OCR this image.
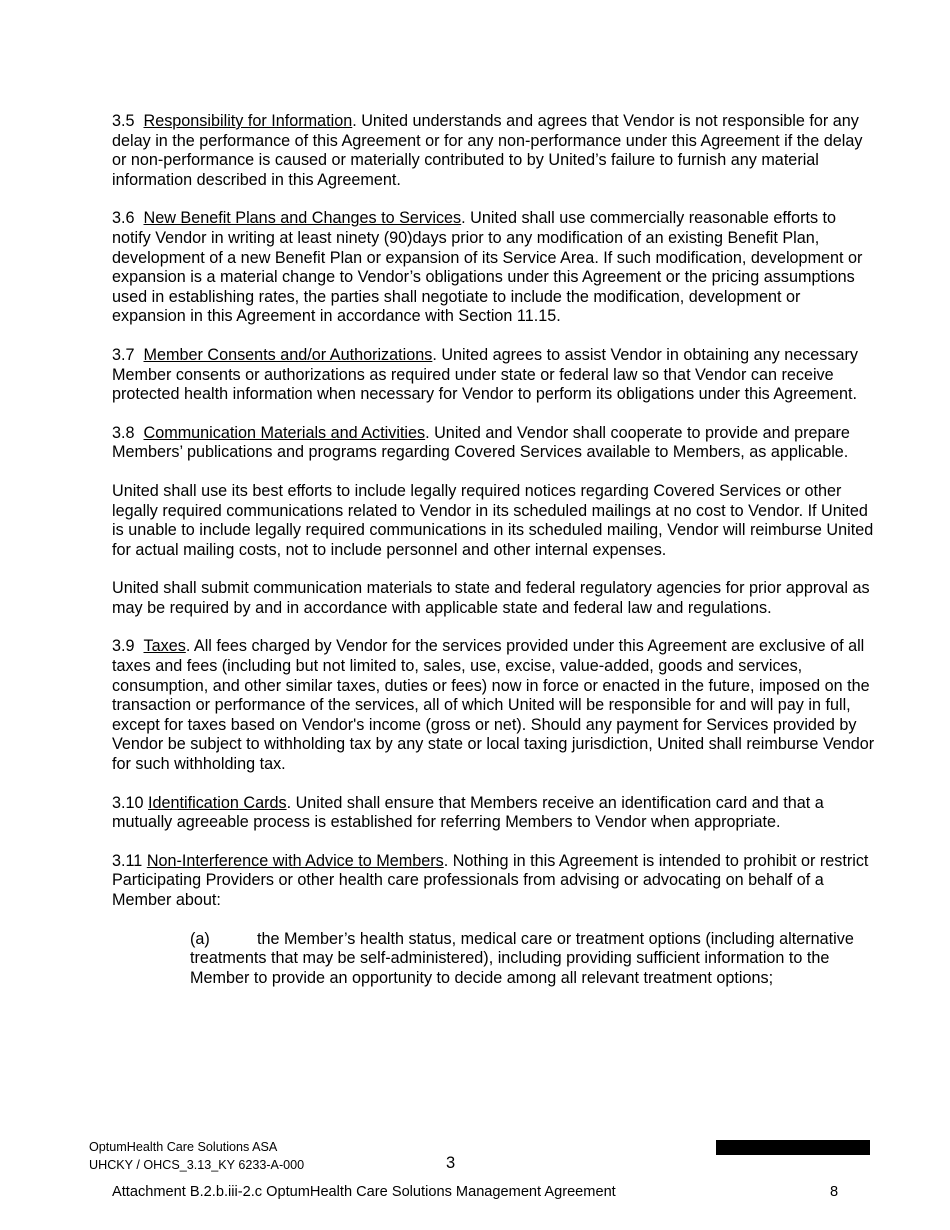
3.5 Responsibility for Information. United understands and agrees that Vendor is not responsible for any delay in the performance of this Agreement or for any non-performance under this Agreement if the delay or non-performance is caused or materially contributed to by United’s failure to furnish any material information described in this Agreement.

3.6 New Benefit Plans and Changes to Services. United shall use commercially reasonable efforts to notify Vendor in writing at least ninety (90)days prior to any modification of an existing Benefit Plan, development of a new Benefit Plan or expansion of its Service Area. If such modification, development or expansion is a material change to Vendor’s obligations under this Agreement or the pricing assumptions used in establishing rates, the parties shall negotiate to include the modification, development or expansion in this Agreement in accordance with Section 11.15.

3.7 Member Consents and/or Authorizations. United agrees to assist Vendor in obtaining any necessary Member consents or authorizations as required under state or federal law so that Vendor can receive protected health information when necessary for Vendor to perform its obligations under this Agreement.

3.8 Communication Materials and Activities. United and Vendor shall cooperate to provide and prepare Members’ publications and programs regarding Covered Services available to Members, as applicable.

United shall use its best efforts to include legally required notices regarding Covered Services or other legally required communications related to Vendor in its scheduled mailings at no cost to Vendor. If United is unable to include legally required communications in its scheduled mailing, Vendor will reimburse United for actual mailing costs, not to include personnel and other internal expenses.

United shall submit communication materials to state and federal regulatory agencies for prior approval as may be required by and in accordance with applicable state and federal law and regulations.

3.9 Taxes. All fees charged by Vendor for the services provided under this Agreement are exclusive of all taxes and fees (including but not limited to, sales, use, excise, value-added, goods and services, consumption, and other similar taxes, duties or fees) now in force or enacted in the future, imposed on the transaction or performance of the services, all of which United will be responsible for and will pay in full, except for taxes based on Vendor's income (gross or net). Should any payment for Services provided by Vendor be subject to withholding tax by any state or local taxing jurisdiction, United shall reimburse Vendor for such withholding tax.

3.10 Identification Cards. United shall ensure that Members receive an identification card and that a mutually agreeable process is established for referring Members to Vendor when appropriate.

3.11 Non-Interference with Advice to Members. Nothing in this Agreement is intended to prohibit or restrict Participating Providers or other health care professionals from advising or advocating on behalf of a Member about:

(a)	the Member’s health status, medical care or treatment options (including alternative treatments that may be self-administered), including providing sufficient information to the Member to provide an opportunity to decide among all relevant treatment options;

OptumHealth Care Solutions ASA
UHCKY / OHCS_3.13_KY 6233-A-000	3
Attachment B.2.b.iii-2.c OptumHealth Care Solutions Management Agreement	8
